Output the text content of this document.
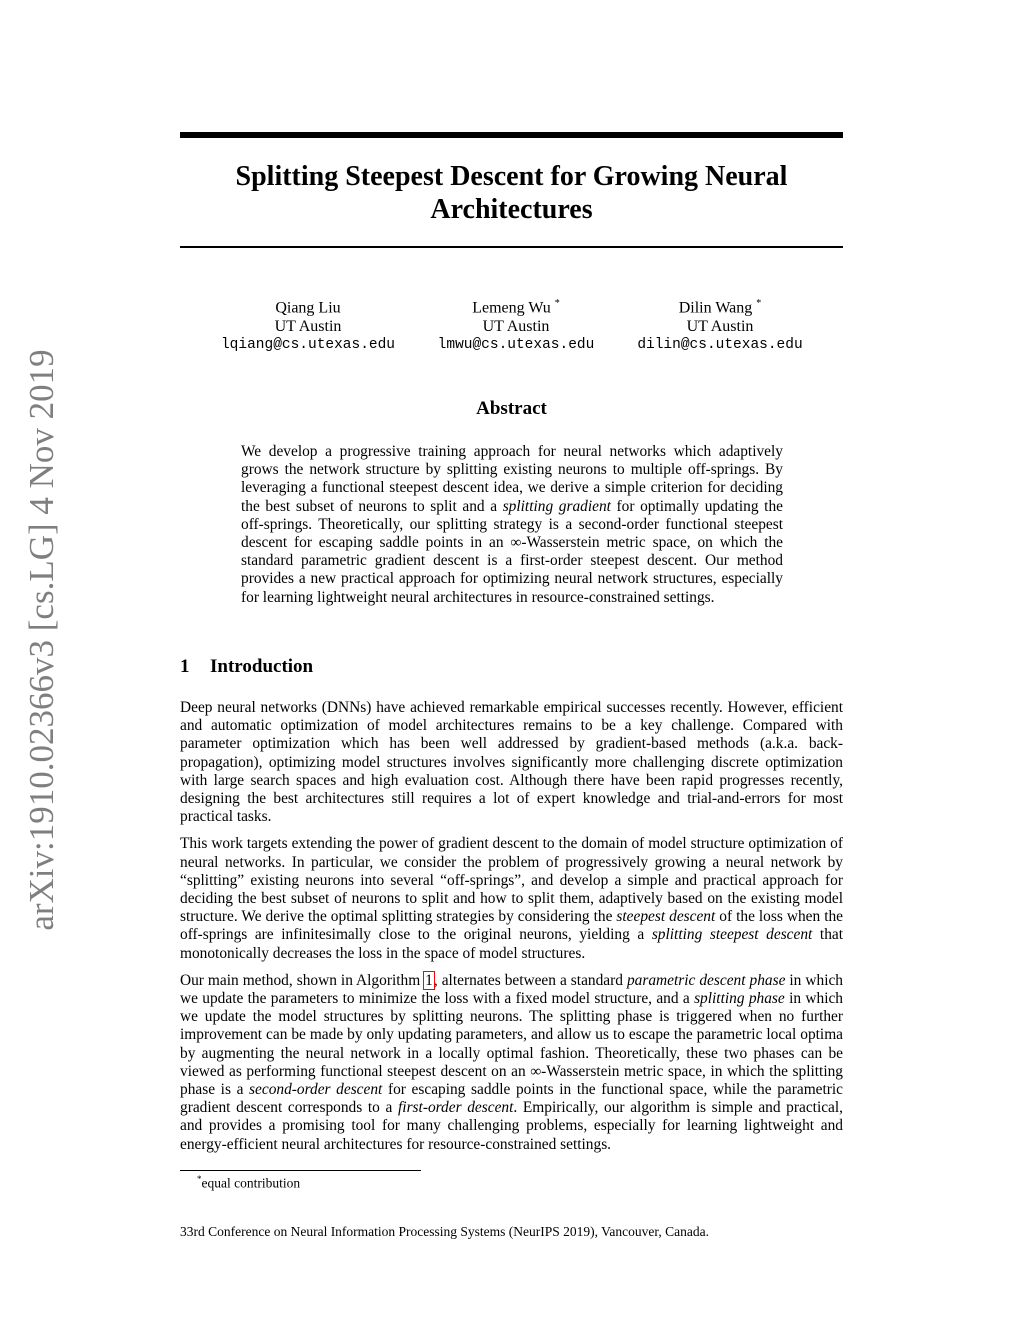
arXiv:1910.02366v3 [cs.LG] 4 Nov 2019
Splitting Steepest Descent for Growing Neural Architectures
Qiang Liu
UT Austin
lqiang@cs.utexas.edu
Lemeng Wu *
UT Austin
lmwu@cs.utexas.edu
Dilin Wang *
UT Austin
dilin@cs.utexas.edu
Abstract
We develop a progressive training approach for neural networks which adaptively grows the network structure by splitting existing neurons to multiple off-springs. By leveraging a functional steepest descent idea, we derive a simple criterion for deciding the best subset of neurons to split and a splitting gradient for optimally updating the off-springs. Theoretically, our splitting strategy is a second-order functional steepest descent for escaping saddle points in an ∞-Wasserstein metric space, on which the standard parametric gradient descent is a first-order steepest descent. Our method provides a new practical approach for optimizing neural network structures, especially for learning lightweight neural architectures in resource-constrained settings.
1 Introduction

Deep neural networks (DNNs) have achieved remarkable empirical successes recently. However, efficient and automatic optimization of model architectures remains to be a key challenge. Compared with parameter optimization which has been well addressed by gradient-based methods (a.k.a. back-propagation), optimizing model structures involves significantly more challenging discrete optimization with large search spaces and high evaluation cost. Although there have been rapid progresses recently, designing the best architectures still requires a lot of expert knowledge and trial-and-errors for most practical tasks.

This work targets extending the power of gradient descent to the domain of model structure optimization of neural networks. In particular, we consider the problem of progressively growing a neural network by “splitting” existing neurons into several “off-springs”, and develop a simple and practical approach for deciding the best subset of neurons to split and how to split them, adaptively based on the existing model structure. We derive the optimal splitting strategies by considering the steepest descent of the loss when the off-springs are infinitesimally close to the original neurons, yielding a splitting steepest descent that monotonically decreases the loss in the space of model structures.

Our main method, shown in Algorithm 1, alternates between a standard parametric descent phase in which we update the parameters to minimize the loss with a fixed model structure, and a splitting phase in which we update the model structures by splitting neurons. The splitting phase is triggered when no further improvement can be made by only updating parameters, and allow us to escape the parametric local optima by augmenting the neural network in a locally optimal fashion. Theoretically, these two phases can be viewed as performing functional steepest descent on an ∞-Wasserstein metric space, in which the splitting phase is a second-order descent for escaping saddle points in the functional space, while the parametric gradient descent corresponds to a first-order descent. Empirically, our algorithm is simple and practical, and provides a promising tool for many challenging problems, especially for learning lightweight and energy-efficient neural architectures for resource-constrained settings.

*equal contribution
33rd Conference on Neural Information Processing Systems (NeurIPS 2019), Vancouver, Canada.
